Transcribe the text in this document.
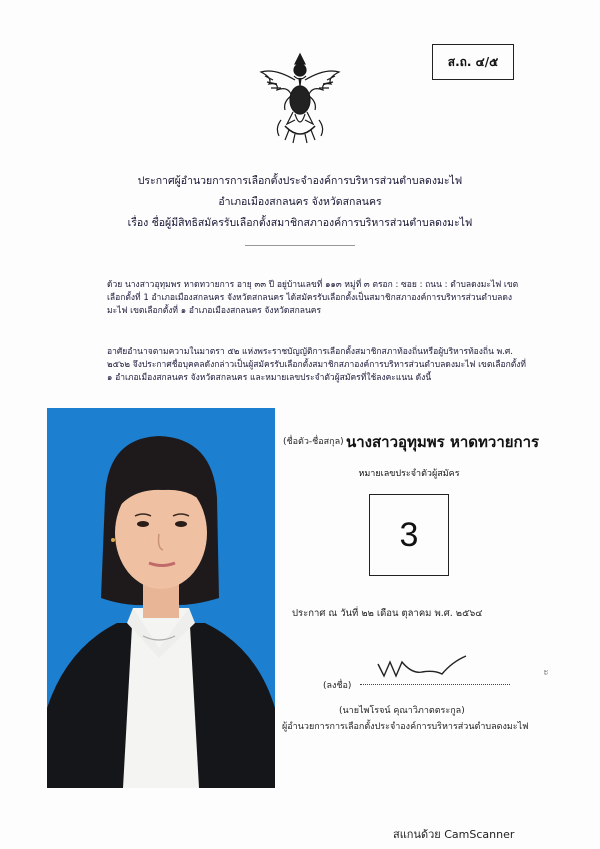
ส.ถ. ๔/๕
ประกาศผู้อำนวยการการเลือกตั้งประจำองค์การบริหารส่วนตำบลดงมะไฟ
อำเภอเมืองสกลนคร จังหวัดสกลนคร
เรื่อง ชื่อผู้มีสิทธิสมัครรับเลือกตั้งสมาชิกสภาองค์การบริหารส่วนตำบลดงมะไฟ
ด้วย นางสาวอุทุมพร หาดทวายการ อายุ ๓๓ ปี อยู่บ้านเลขที่ ๑๑๓ หมู่ที่ ๓ ตรอก : ซอย : ถนน : ตำบลดงมะไฟ เขตเลือกตั้งที่ 1 อำเภอเมืองสกลนคร จังหวัดสกลนคร ได้สมัครรับเลือกตั้งเป็นสมาชิกสภาองค์การบริหารส่วนตำบลดงมะไฟ เขตเลือกตั้งที่ ๑ อำเภอเมืองสกลนคร จังหวัดสกลนคร
อาศัยอำนาจตามความในมาตรา ๕๒ แห่งพระราชบัญญัติการเลือกตั้งสมาชิกสภาท้องถิ่นหรือผู้บริหารท้องถิ่น พ.ศ. ๒๕๖๒ จึงประกาศชื่อบุคคลดังกล่าวเป็นผู้สมัครรับเลือกตั้งสมาชิกสภาองค์การบริหารส่วนตำบลดงมะไฟ เขตเลือกตั้งที่ ๑ อำเภอเมืองสกลนคร จังหวัดสกลนคร และหมายเลขประจำตัวผู้สมัครที่ใช้ลงคะแนน ดังนี้
(ชื่อตัว-ชื่อสกุล) นางสาวอุทุมพร หาดทวายการ
หมายเลขประจำตัวผู้สมัคร
3
ประกาศ ณ วันที่ ๒๒ เดือน ตุลาคม พ.ศ. ๒๕๖๔
(ลงชื่อ)
(นายไพโรจน์ คุณาวิภาตตระกูล)
ผู้อำนวยการการเลือกตั้งประจำองค์การบริหารส่วนตำบลดงมะไฟ
ะ
สแกนด้วย CamScanner
